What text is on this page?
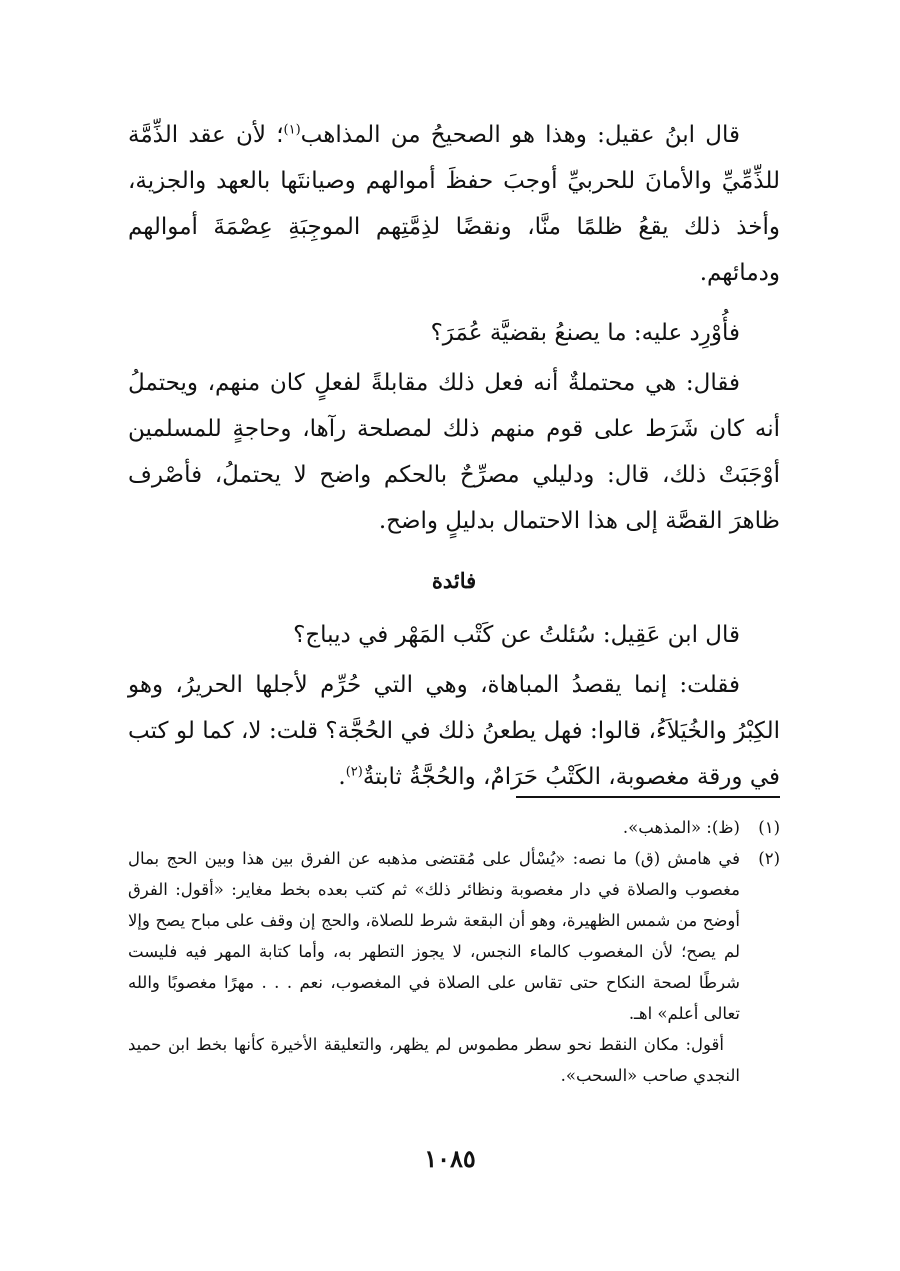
قال ابنُ عقيل: وهذا هو الصحيحُ من المذاهب$^{(١)}$؛ لأن عقد الذِّمَّة للذِّمِّيِّ والأمانَ للحربيِّ أوجبَ حفظَ أموالهم وصيانتَها بالعهد والجزية، وأخذ ذلك يقعُ ظلمًا منَّا، ونقضًا لذِمَّتِهم الموجِبَةِ عِصْمَةَ أموالهم ودمائهم.

فأُوْرِد عليه: ما يصنعُ بقضيَّة عُمَرَ؟

فقال: هي محتملةٌ أنه فعل ذلك مقابلةً لفعلٍ كان منهم، ويحتملُ أنه كان شَرَط على قوم منهم ذلك لمصلحة رآها، وحاجةٍ للمسلمين أوْجَبَتْ ذلك، قال: ودليلي مصرِّحٌ بالحكم واضح لا يحتملُ، فأصْرف ظاهرَ القصَّة إلى هذا الاحتمال بدليلٍ واضح.

فائدة

قال ابن عَقِيل: سُئلتُ عن كَتْب المَهْر في ديباج؟

فقلت: إنما يقصدُ المباهاة، وهي التي حُرِّم لأجلها الحريرُ، وهو الكِبْرُ والخُيَلاَءُ، قالوا: فهل يطعنُ ذلك في الحُجَّة؟ قلت: لا، كما لو كتب في ورقة مغصوبة، الكَتْبُ حَرَامٌ، والحُجَّةُ ثابتةٌ$^{(٢)}$.

(١)
(ظ): «المذهب».
(٢)
في هامش (ق) ما نصه: «يُسْأل على مُقتضى مذهبه عن الفرق بين هذا وبين الحج بمال مغصوب والصلاة في دار مغصوبة ونظائر ذلك» ثم كتب بعده بخط مغاير: «أقول: الفرق أوضح من شمس الظهيرة، وهو أن البقعة شرط للصلاة، والحج إن وقف على مباح يصح وإلا لم يصح؛ لأن المغصوب كالماء النجس، لا يجوز التطهر به، وأما كتابة المهر فيه فليست شرطًا لصحة النكاح حتى تقاس على الصلاة في المغصوب، نعم . . . مهرًا مغصوبًا والله تعالى أعلم» اهـ.
أقول: مكان النقط نحو سطر مطموس لم يظهر، والتعليقة الأخيرة كأنها بخط ابن حميد النجدي صاحب «السحب».
١٠٨٥
